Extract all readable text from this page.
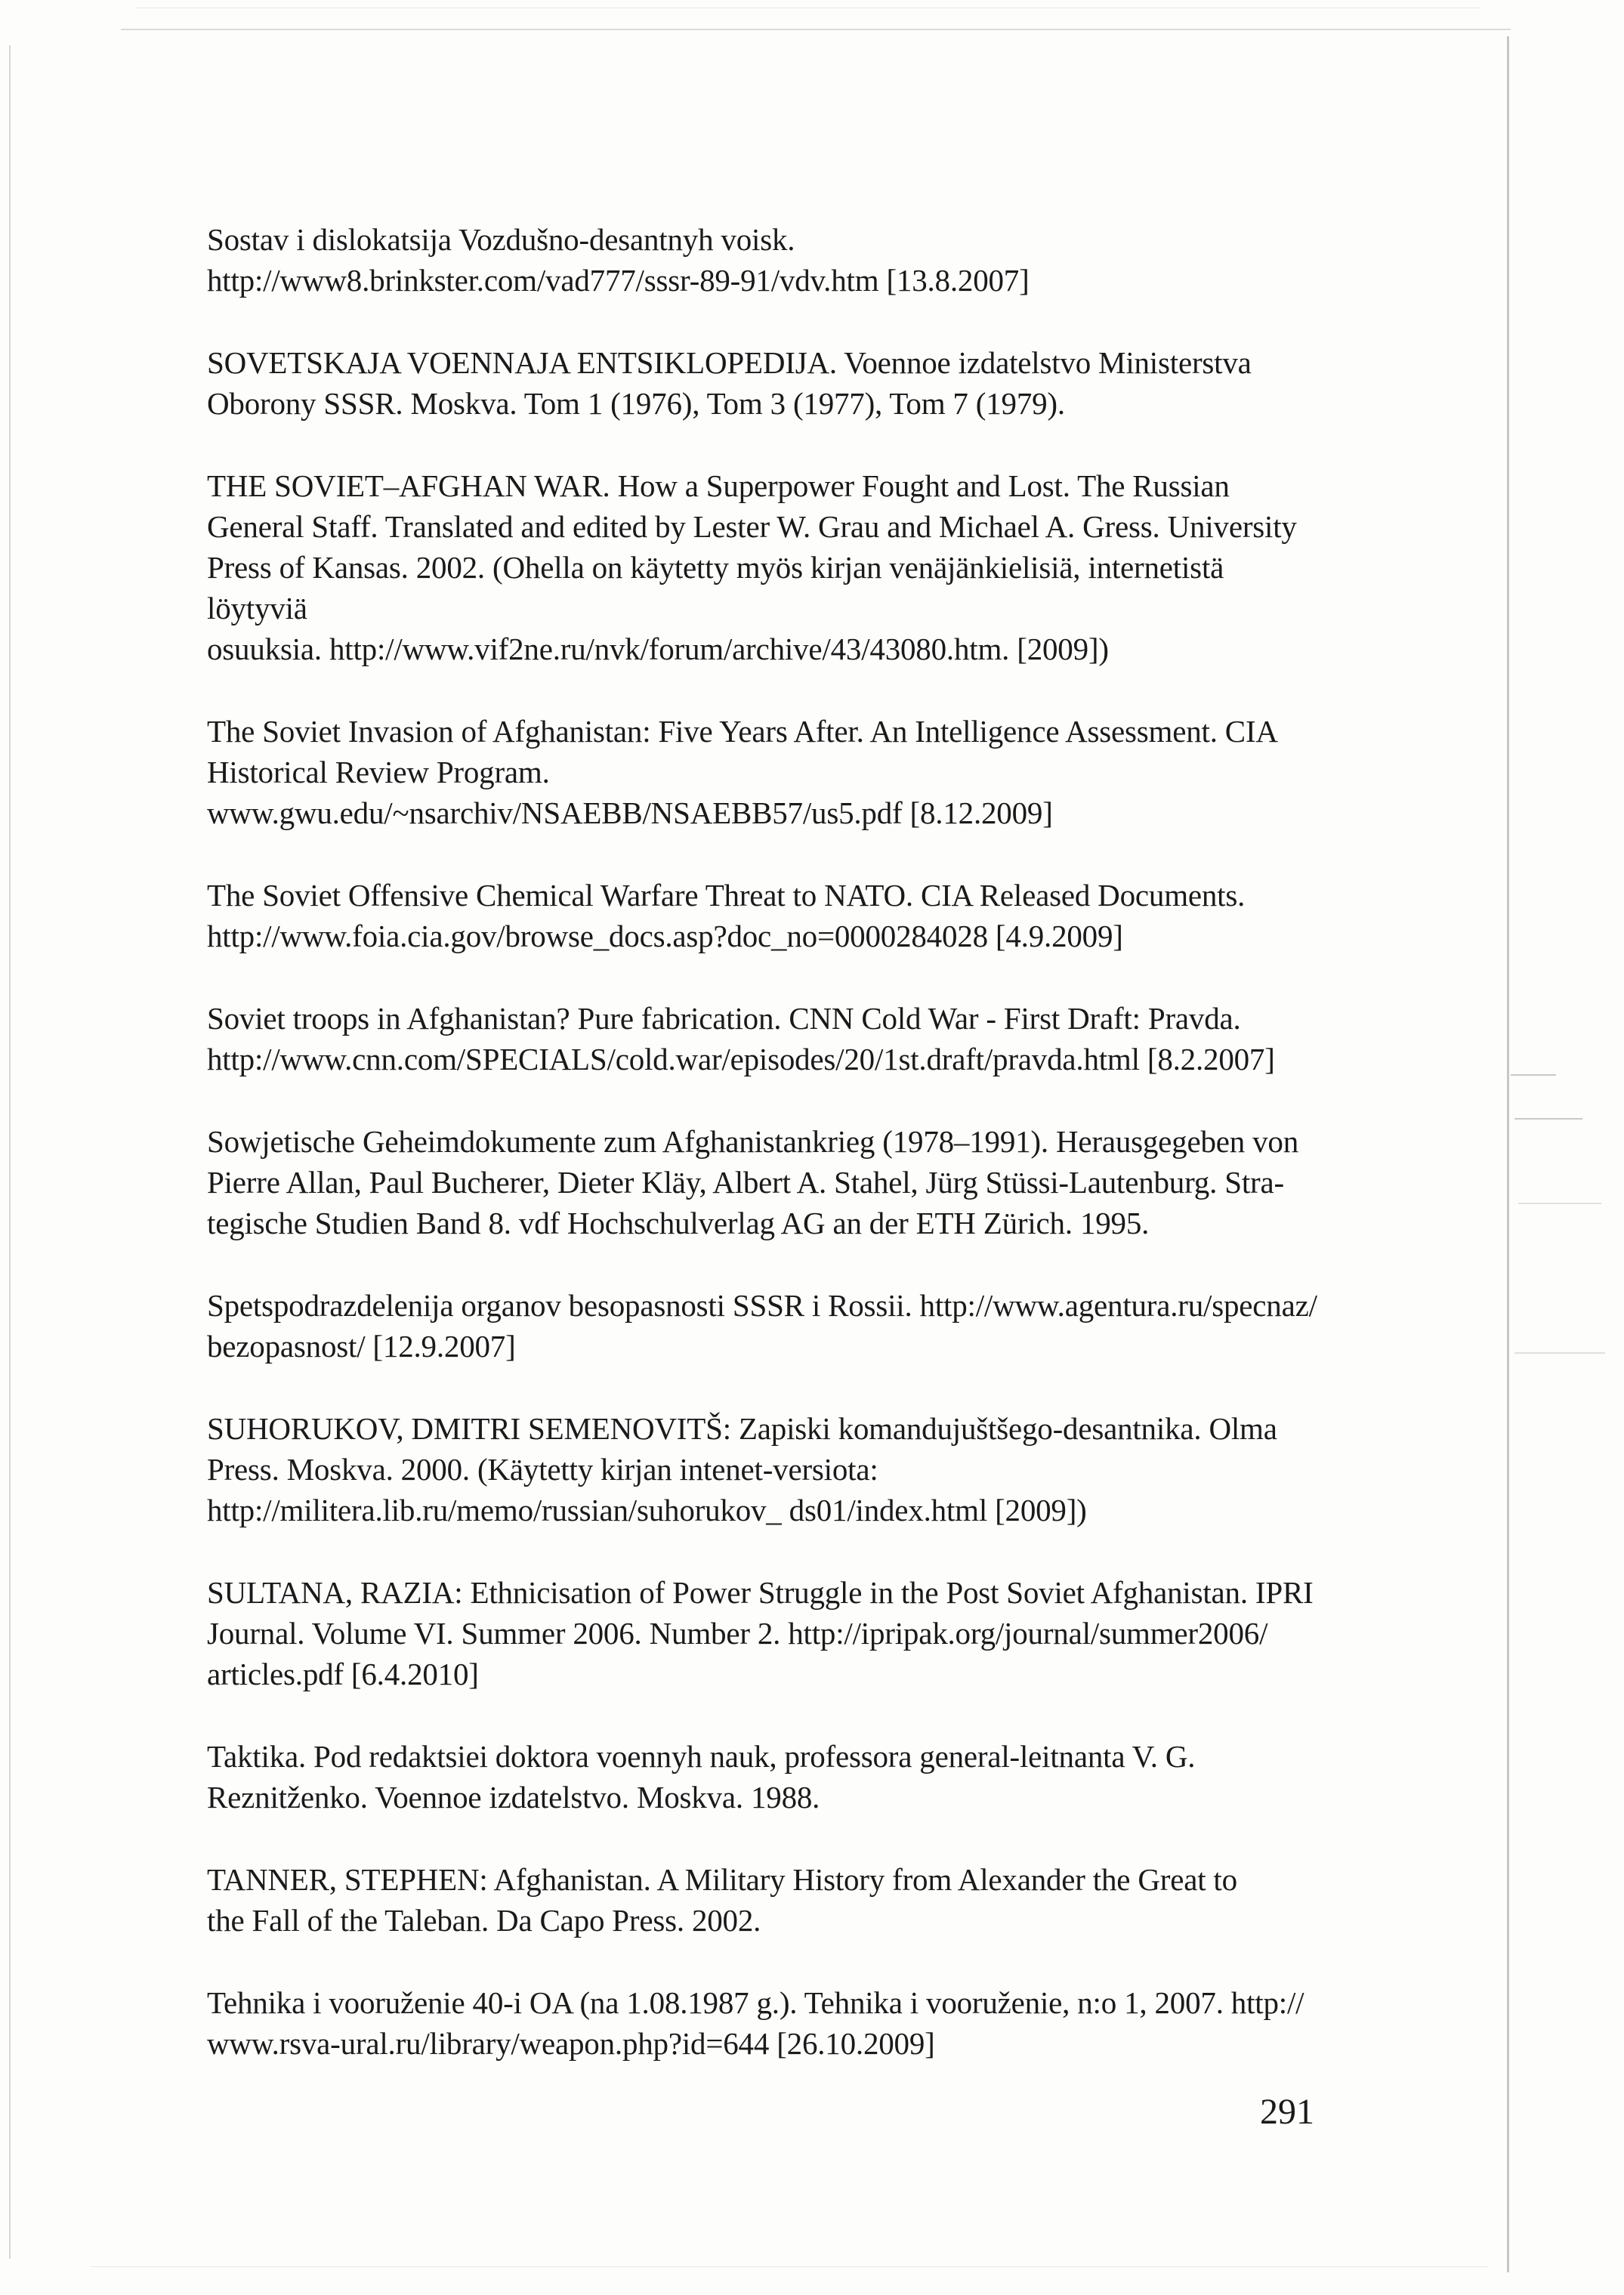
Sostav i dislokatsija Vozdušno-desantnyh voisk.
http://www8.brinkster.com/vad777/sssr-89-91/vdv.htm [13.8.2007]

SOVETSKAJA VOENNAJA ENTSIKLOPEDIJA. Voennoe izdatelstvo Ministerstva
Oborony SSSR. Moskva. Tom 1 (1976), Tom 3 (1977), Tom 7 (1979).

THE SOVIET–AFGHAN WAR. How a Superpower Fought and Lost. The Russian
General Staff. Translated and edited by Lester W. Grau and Michael A. Gress. University
Press of Kansas. 2002. (Ohella on käytetty myös kirjan venäjänkielisiä, internetistä löytyviä
osuuksia. http://www.vif2ne.ru/nvk/forum/archive/43/43080.htm. [2009])

The Soviet Invasion of Afghanistan: Five Years After. An Intelligence Assessment. CIA
Historical Review Program.
www.gwu.edu/~nsarchiv/NSAEBB/NSAEBB57/us5.pdf [8.12.2009]

The Soviet Offensive Chemical Warfare Threat to NATO. CIA Released Documents.
http://www.foia.cia.gov/browse_docs.asp?doc_no=0000284028 [4.9.2009]

Soviet troops in Afghanistan? Pure fabrication. CNN Cold War - First Draft: Pravda.
http://www.cnn.com/SPECIALS/cold.war/episodes/20/1st.draft/pravda.html [8.2.2007]

Sowjetische Geheimdokumente zum Afghanistankrieg (1978–1991). Herausgegeben von
Pierre Allan, Paul Bucherer, Dieter Kläy, Albert A. Stahel, Jürg Stüssi-Lautenburg. Stra-
tegische Studien Band 8. vdf Hochschulverlag AG an der ETH Zürich. 1995.

Spetspodrazdelenija organov besopasnosti SSSR i Rossii. http://www.agentura.ru/specnaz/
bezopasnost/ [12.9.2007]

SUHORUKOV, DMITRI SEMENOVITŠ: Zapiski komandujuštšego-desantnika. Olma
Press. Moskva. 2000. (Käytetty kirjan intenet-versiota:
http://militera.lib.ru/memo/russian/suhorukov_ ds01/index.html [2009])

SULTANA, RAZIA: Ethnicisation of Power Struggle in the Post Soviet Afghanistan. IPRI
Journal. Volume VI. Summer 2006. Number 2. http://ipripak.org/journal/summer2006/
articles.pdf [6.4.2010]

Taktika. Pod redaktsiei doktora voennyh nauk, professora general-leitnanta V. G.
Reznitženko. Voennoe izdatelstvo. Moskva. 1988.

TANNER, STEPHEN: Afghanistan. A Military History from Alexander the Great to
the Fall of the Taleban. Da Capo Press. 2002.

Tehnika i vooruženie 40-i OA (na 1.08.1987 g.). Tehnika i vooruženie, n:o 1, 2007. http://
www.rsva-ural.ru/library/weapon.php?id=644 [26.10.2009]

291
